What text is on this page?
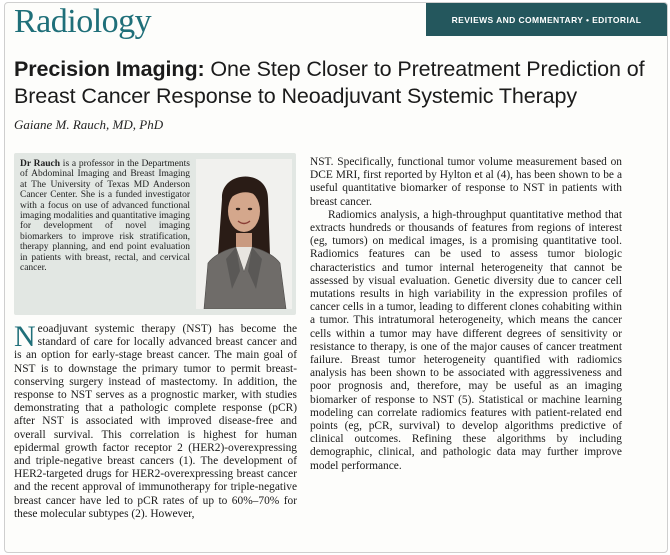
Radiology	REVIEWS AND COMMENTARY • EDITORIAL
Precision Imaging: One Step Closer to Pretreatment Prediction of Breast Cancer Response to Neoadjuvant Systemic Therapy
Gaiane M. Rauch, MD, PhD

Dr Rauch is a professor in the Departments of Abdominal Imaging and Breast Imaging at The University of Texas MD Anderson Cancer Center. She is a funded investigator with a focus on use of advanced functional imaging modalities and quantitative imaging for development of novel imaging biomarkers to improve risk stratification, therapy planning, and end point evaluation in patients with breast, rectal, and cervical cancer.

Neoadjuvant systemic therapy (NST) has become the standard of care for locally advanced breast cancer and is an option for early-stage breast cancer. The main goal of NST is to downstage the primary tumor to permit breast-conserving surgery instead of mastectomy. In addition, the response to NST serves as a prognostic marker, with studies demonstrating that a pathologic complete response (pCR) after NST is associated with improved disease-free and overall survival. This correlation is highest for human epidermal growth factor receptor 2 (HER2)-overexpressing and triple-negative breast cancers (1). The development of HER2-targeted drugs for HER2-overexpressing breast cancer and the recent approval of immunotherapy for triple-negative breast cancer have led to pCR rates of up to 60%–70% for these molecular subtypes (2). However,

NST. Specifically, functional tumor volume measurement based on DCE MRI, first reported by Hylton et al (4), has been shown to be a useful quantitative biomarker of response to NST in patients with breast cancer.

Radiomics analysis, a high-throughput quantitative method that extracts hundreds or thousands of features from regions of interest (eg, tumors) on medical images, is a promising quantitative tool. Radiomics features can be used to assess tumor biologic characteristics and tumor internal heterogeneity that cannot be assessed by visual evaluation. Genetic diversity due to cancer cell mutations results in high variability in the expression profiles of cancer cells in a tumor, leading to different clones cohabiting within a tumor. This intratumoral heterogeneity, which means the cancer cells within a tumor may have different degrees of sensitivity or resistance to therapy, is one of the major causes of cancer treatment failure. Breast tumor heterogeneity quantified with radiomics analysis has been shown to be associated with aggressiveness and poor prognosis and, therefore, may be useful as an imaging biomarker of response to NST (5). Statistical or machine learning modeling can correlate radiomics features with patient-related end points (eg, pCR, survival) to develop algorithms predictive of clinical outcomes. Refining these algorithms by including demographic, clinical, and pathologic data may further improve model performance.
